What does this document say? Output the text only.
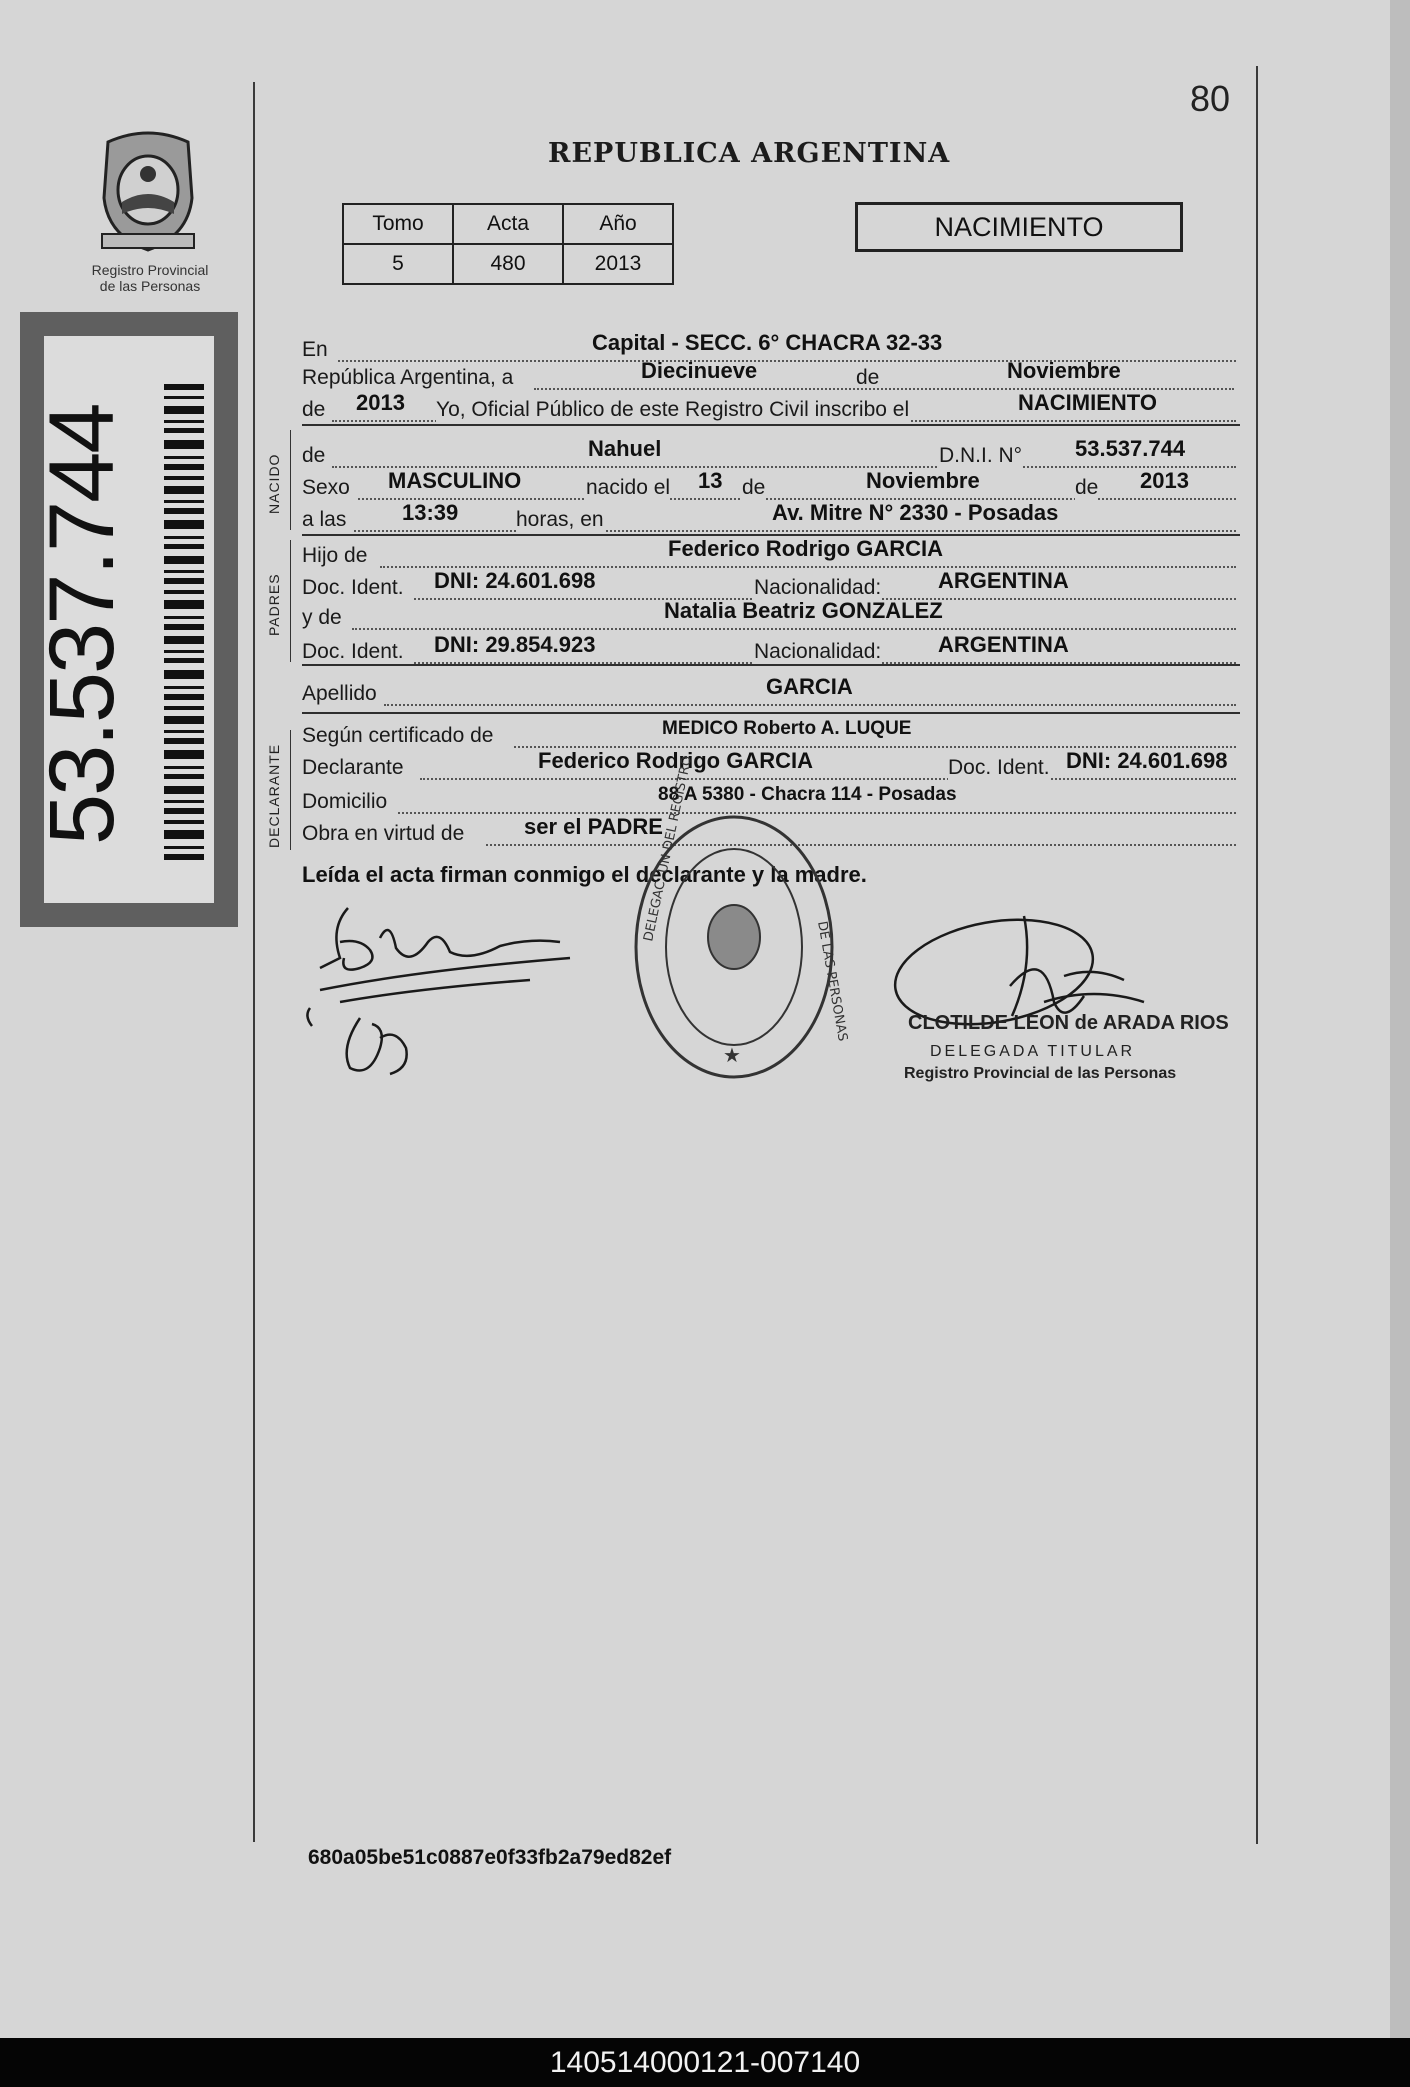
80
REPUBLICA ARGENTINA
Registro Provincial
de las Personas
53.537.744
Tomo	Acta	Año
5	480	2013
NACIMIENTO
En	Capital - SECC. 6° CHACRA 32-33
República Argentina, a	Diecinueve	de	Noviembre
de 2013 Yo, Oficial Público de este Registro Civil inscribo el	NACIMIENTO
NACIDO de	Nahuel	D.N.I. N° 53.537.744
Sexo MASCULINO	nacido el 13 de	Noviembre	de 2013
a las	13:39	horas, en	Av. Mitre N° 2330 - Posadas
PADRES
Hijo de	Federico Rodrigo GARCIA
Doc. Ident. DNI: 24.601.698	Nacionalidad:	ARGENTINA
y de	Natalia Beatriz GONZALEZ
Doc. Ident. DNI: 29.854.923	Nacionalidad:	ARGENTINA
Apellido	GARCIA
DECLARANTE
Según certificado de	MEDICO Roberto A. LUQUE
Declarante	Federico Rodrigo GARCIA	Doc. Ident. DNI: 24.601.698
Domicilio	88 A 5380 - Chacra 114 - Posadas
Obra en virtud de	ser el PADRE
Leída el acta firman conmigo el declarante y la madre.
★
DELEGAC. UN DEL REGISTRO
DE LAS PERSONAS	CLOTILDE LEON de ARADA RIOS
DELEGADA TITULAR
Registro Provincial de las Personas
680a05be51c0887e0f33fb2a79ed82ef
140514000121-007140
